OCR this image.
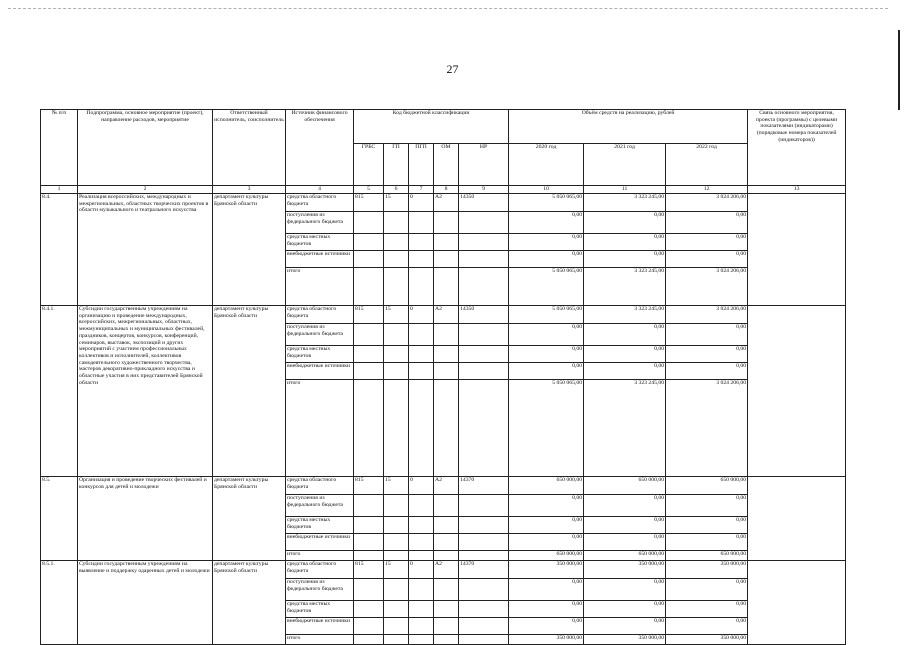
27
№ п/п	Подпрограмма, основное мероприятие (проект), направление расходов, мероприятие	Ответственный исполнитель, соисполнитель	Источник финансового обеспечения	Код бюджетной классификации					Объём средств на реализацию, рублей			Связь основного мероприятия, проекта (программы) с целевыми показателями (индикаторами) (порядковые номера показателей (индикаторов))
				ГРБС	ГП	ПГП	ОМ	НР	2020 год	2021 год	2022 год	
1	2	3	4	5	6	7	8	9	10	11	12	13
8.4.	Реализация всероссийских, международных и межрегиональных, областных творческих проектов в области музыкального и театрального искусства	департамент культуры Брянской области	средства областного бюджета	815	15	0	А2	14350	5 050 065,00	3 323 245,00	3 024 206,00	
			поступления из федерального бюджета						0,00	0,00	0,00	
			средства местных бюджетов						0,00	0,00	0,00	
			внебюджетные источники						0,00	0,00	0,00	
			итого						5 050 065,00	3 323 245,00	3 024 206,00	
8.4.1.	Субсидии государственным учреждениям на организацию и проведение международных, всероссийских, межрегиональных, областных, межмуниципальных и муниципальных фестивалей, праздников, концертов, конкурсов, конференций, семинаров, выставок, экспозиций и других мероприятий с участием профессиональных коллективов и исполнителей, коллективов самодеятельного художественного творчества, мастеров декоративно-прикладного искусства и областные участия в них представителей Брянской области	департамент культуры Брянской области	средства областного бюджета	815	15	0	А2	14350	5 050 065,00	3 323 245,00	3 024 206,00	
			поступления из федерального бюджета						0,00	0,00	0,00	
			средства местных бюджетов						0,00	0,00	0,00	
			внебюджетные источники						0,00	0,00	0,00	
			итого						5 050 065,00	3 323 245,00	3 024 206,00	
8.5.	Организация и проведение творческих фестивалей и конкурсов для детей и молодежи	департамент культуры Брянской области	средства областного бюджета	815	15	0	А2	14370	650 000,00	650 000,00	650 000,00	
			поступления из федерального бюджета						0,00	0,00	0,00	
			средства местных бюджетов						0,00	0,00	0,00	
			внебюджетные источники						0,00	0,00	0,00	
			итого						650 000,00	650 000,00	650 000,00	
8.5.1.	Субсидии государственным учреждениям на выявление и поддержку одаренных детей и молодежи	департамент культуры Брянской области	средства областного бюджета	815	15	0	А2	14370	350 000,00	350 000,00	350 000,00	
			поступления из федерального бюджета						0,00	0,00	0,00	
			средства местных бюджетов						0,00	0,00	0,00	
			внебюджетные источники						0,00	0,00	0,00	
			итого						350 000,00	350 000,00	350 000,00	
